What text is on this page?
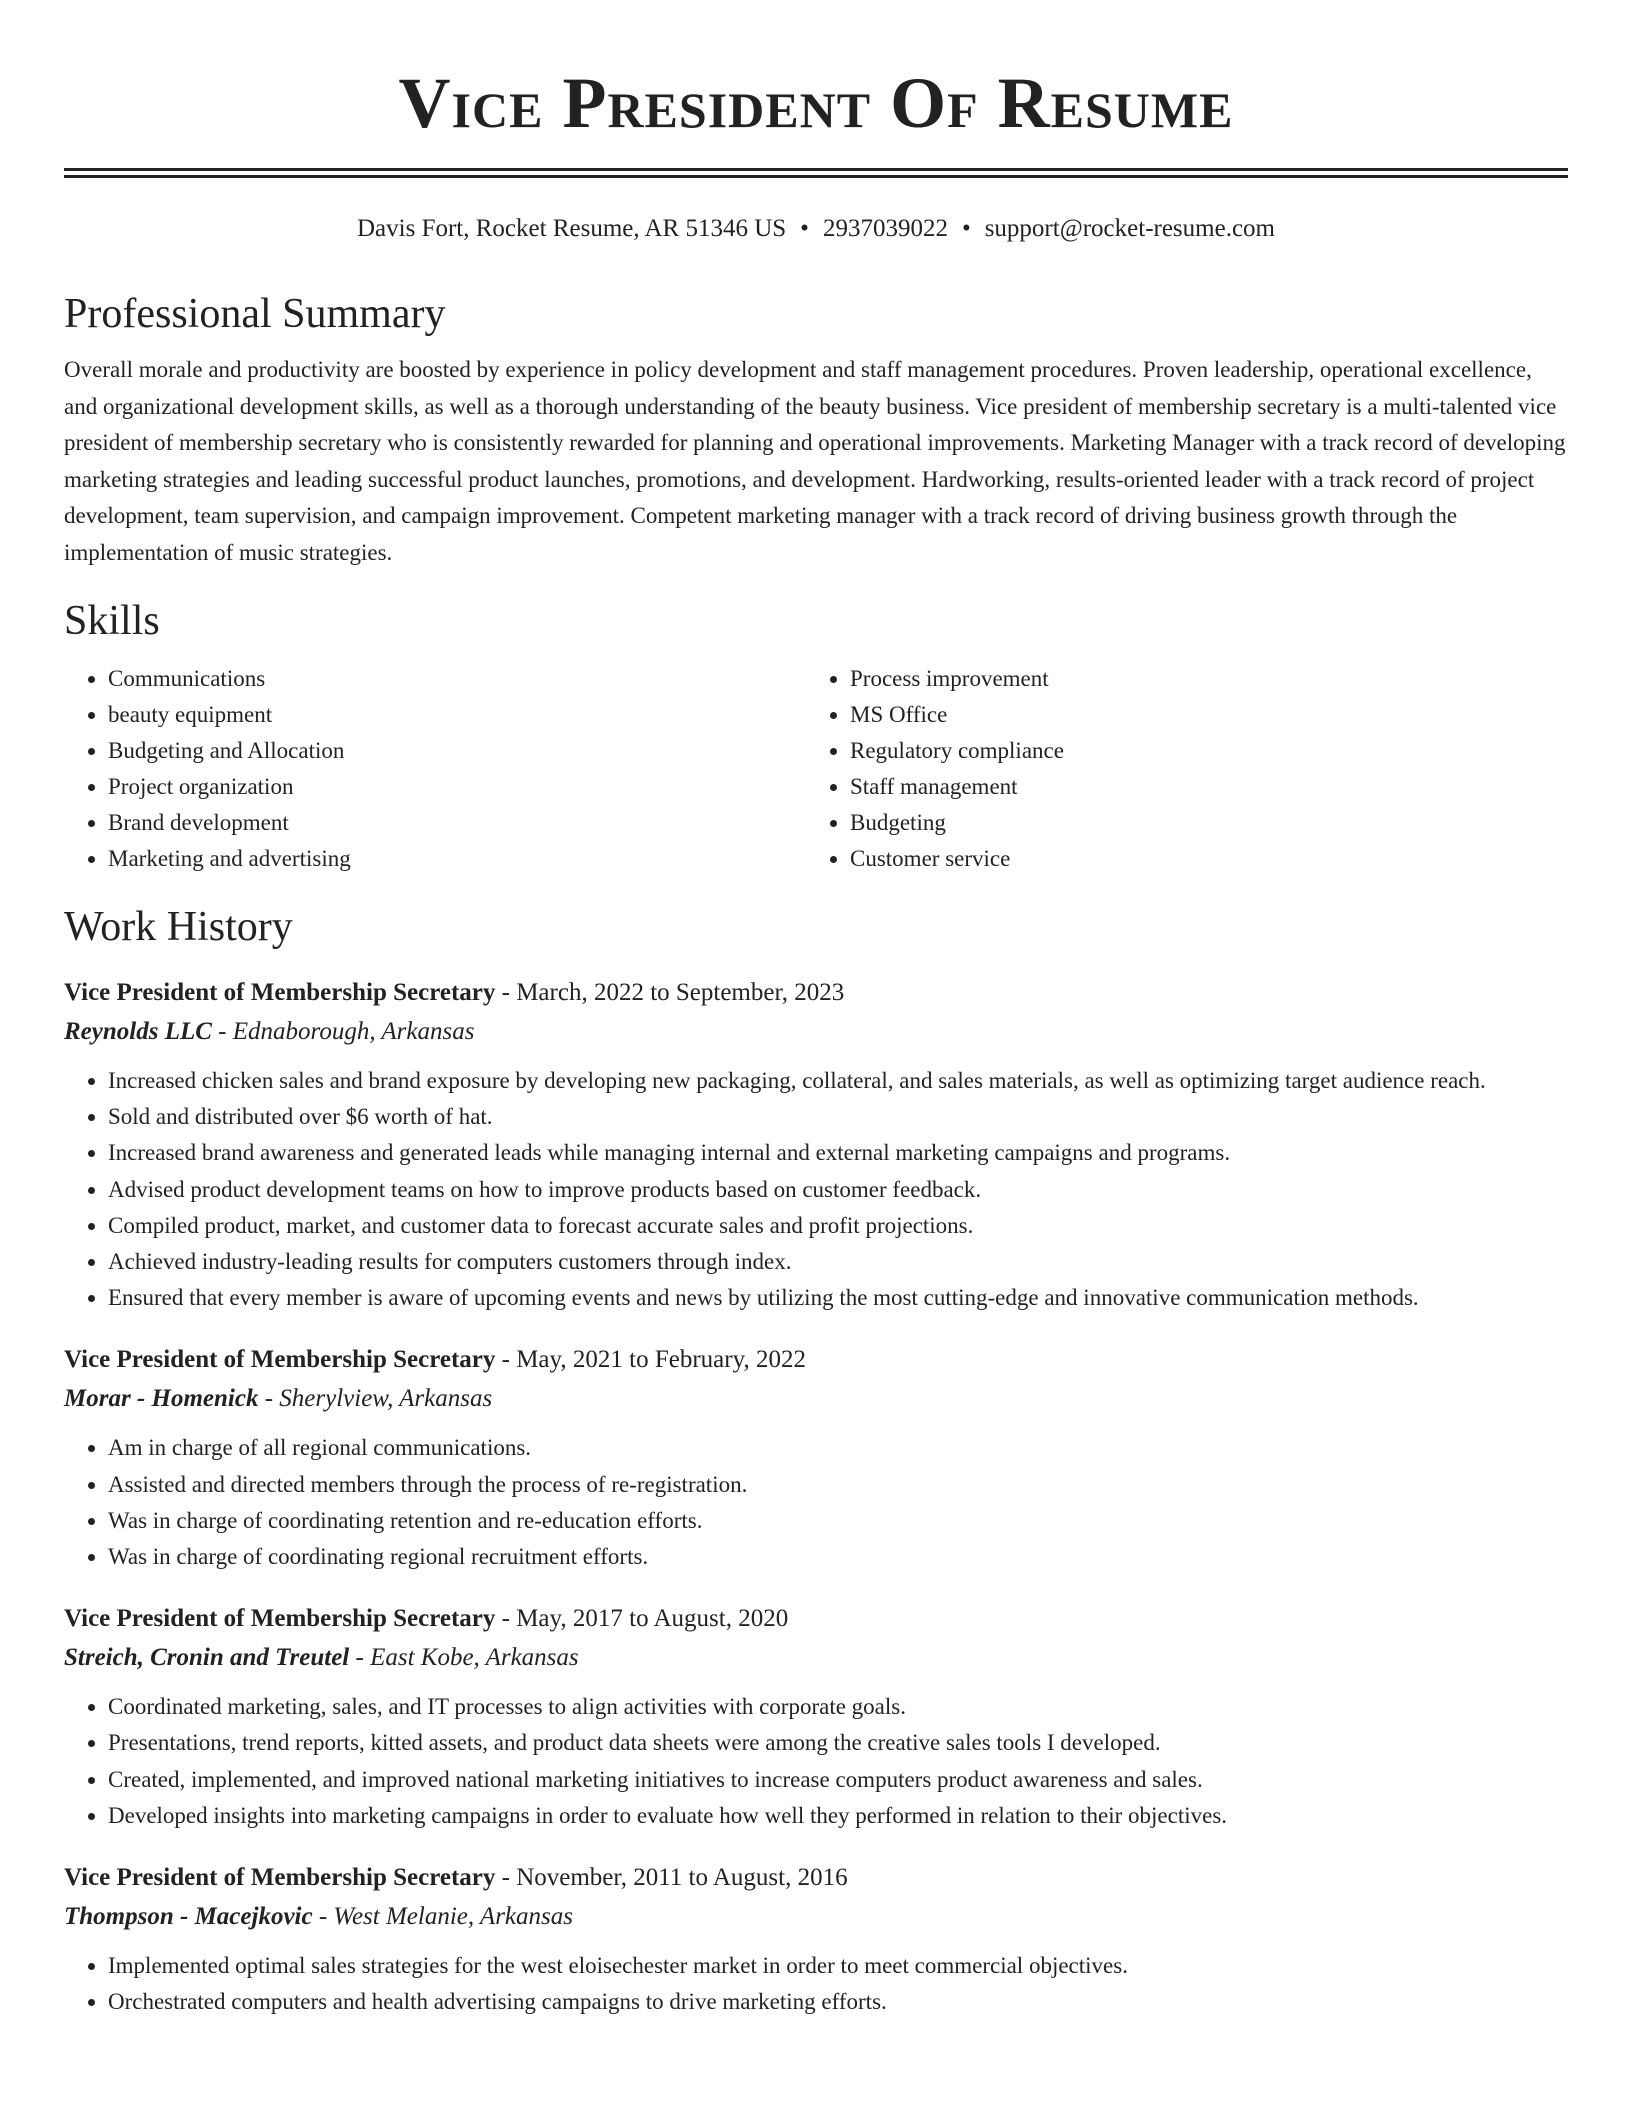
Vice President Of Resume
Davis Fort, Rocket Resume, AR 51346 US • 2937039022 • support@rocket-resume.com
Professional Summary

Overall morale and productivity are boosted by experience in policy development and staff management procedures. Proven leadership, operational excellence, and organizational development skills, as well as a thorough understanding of the beauty business. Vice president of membership secretary is a multi-talented vice president of membership secretary who is consistently rewarded for planning and operational improvements. Marketing Manager with a track record of developing marketing strategies and leading successful product launches, promotions, and development. Hardworking, results-oriented leader with a track record of project development, team supervision, and campaign improvement. Competent marketing manager with a track record of driving business growth through the implementation of music strategies.

Skills
• Communications
• beauty equipment
• Budgeting and Allocation
• Project organization
• Brand development
• Marketing and advertising
• Process improvement
• MS Office
• Regulatory compliance
• Staff management
• Budgeting
• Customer service
Work History
Vice President of Membership Secretary - March, 2022 to September, 2023
Reynolds LLC - Ednaborough, Arkansas
• Increased chicken sales and brand exposure by developing new packaging, collateral, and sales materials, as well as optimizing target audience reach.
• Sold and distributed over $6 worth of hat.
• Increased brand awareness and generated leads while managing internal and external marketing campaigns and programs.
• Advised product development teams on how to improve products based on customer feedback.
• Compiled product, market, and customer data to forecast accurate sales and profit projections.
• Achieved industry-leading results for computers customers through index.
• Ensured that every member is aware of upcoming events and news by utilizing the most cutting-edge and innovative communication methods.
Vice President of Membership Secretary - May, 2021 to February, 2022
Morar - Homenick - Sherylview, Arkansas
• Am in charge of all regional communications.
• Assisted and directed members through the process of re-registration.
• Was in charge of coordinating retention and re-education efforts.
• Was in charge of coordinating regional recruitment efforts.
Vice President of Membership Secretary - May, 2017 to August, 2020
Streich, Cronin and Treutel - East Kobe, Arkansas
• Coordinated marketing, sales, and IT processes to align activities with corporate goals.
• Presentations, trend reports, kitted assets, and product data sheets were among the creative sales tools I developed.
• Created, implemented, and improved national marketing initiatives to increase computers product awareness and sales.
• Developed insights into marketing campaigns in order to evaluate how well they performed in relation to their objectives.
Vice President of Membership Secretary - November, 2011 to August, 2016
Thompson - Macejkovic - West Melanie, Arkansas
• Implemented optimal sales strategies for the west eloisechester market in order to meet commercial objectives.
• Orchestrated computers and health advertising campaigns to drive marketing efforts.
